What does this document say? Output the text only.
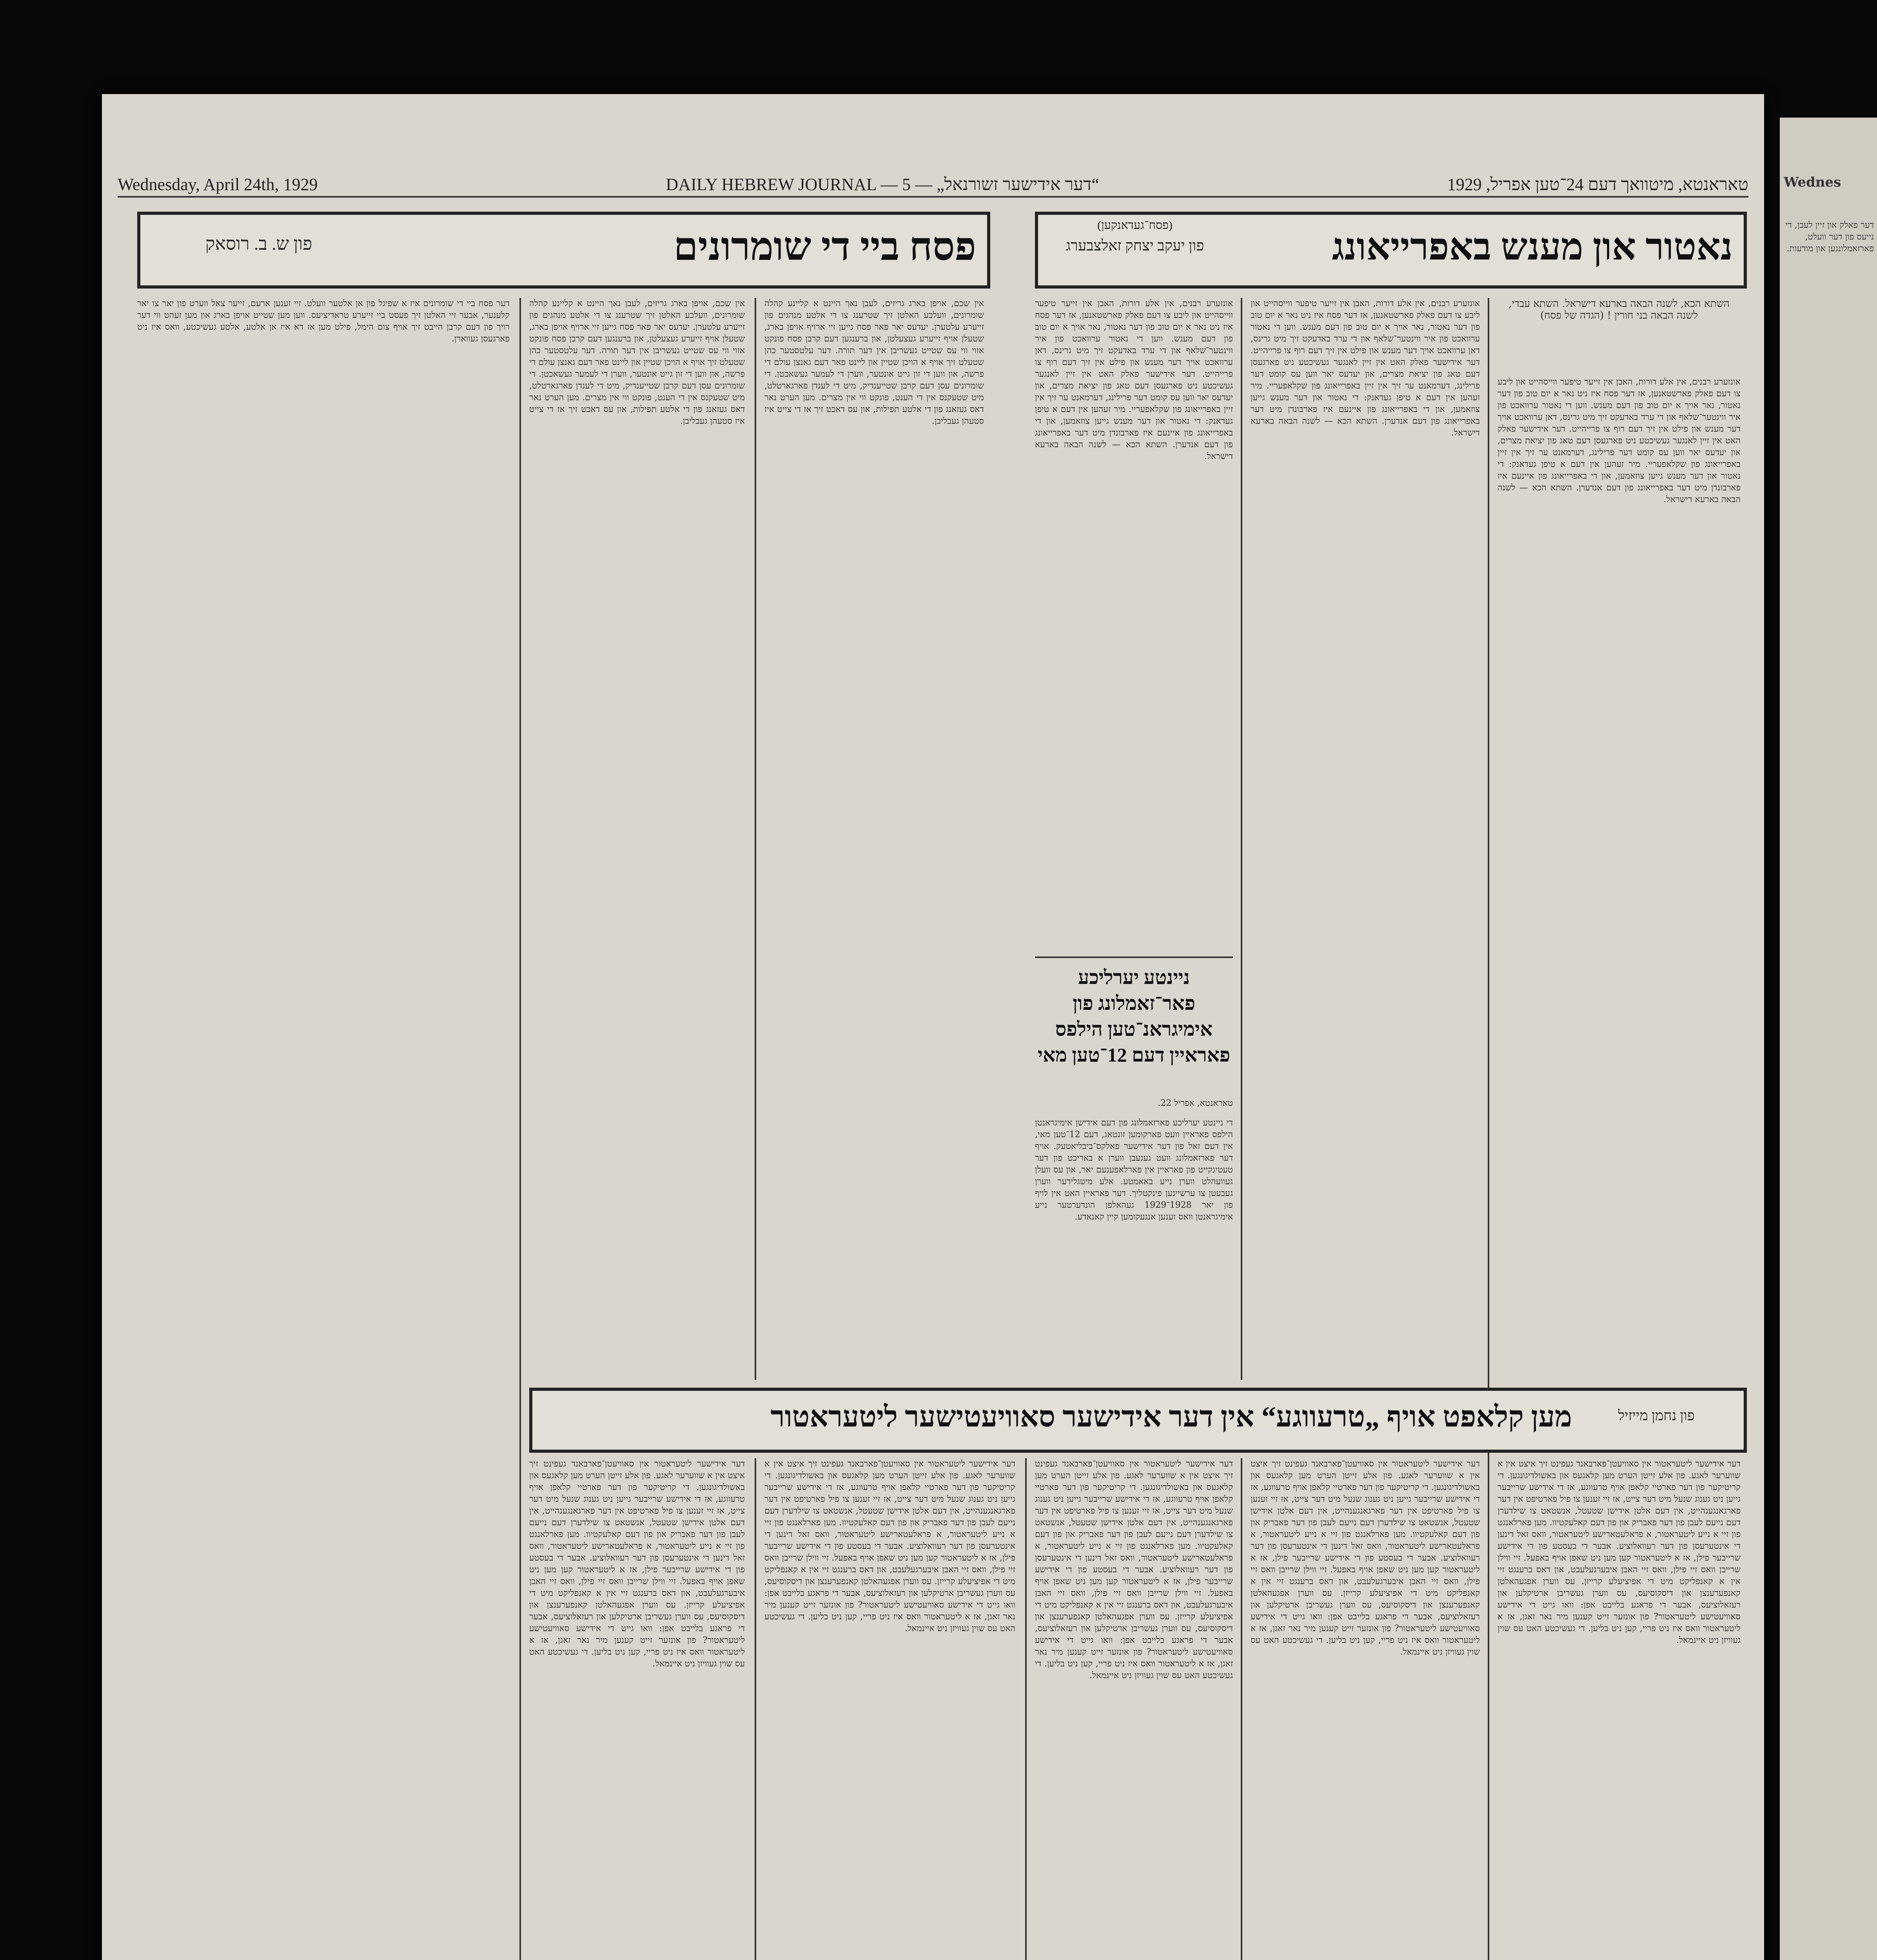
Wednesday, April 24th, 1929	DAILY HEBREW JOURNAL — 5 — „דער אידישער זשורנאל“	טאראנטא, מיטוואך דעם 24־טען אפריל, 1929
נאטור און מענש באפרייאונג
(פסח־געדאנקען)
פון יעקב יצחק זאלצבערג
פסח ביי די שומרונים
פון ש. ב. רוסאק
השתא הכא, לשנה הבאה בארעא דישראל. השתא עבדי, לשנה הבאה בני חורין ! (הגדה של פסח)
אונזערע רבנים, אין אלע דורות, האבן אין זייער טיפער ווייסהייט און ליבע צו דעם פאלק פארשטאנען, אז דער פסח איז ניט נאר א יום טוב פון דער נאטור, נאר אויך א יום טוב פון דעם מענש. ווען די נאטור ערוואכט פון איר ווינטער־שלאף און די ערד באדעקט זיך מיט גרינס, דאן ערוואכט אויך דער מענש און פילט אין זיך דעם רוף צו פרייהייט. דער אידישער פאלק האט אין זיין לאנגער געשיכטע ניט פארגעסן דעם טאג פון יציאת מצרים, און יעדעס יאר ווען עס קומט דער פרילינג, דערמאנט ער זיך אין זיין באפרייאונג פון שקלאפעריי. מיר זעהען אין דעם א טיפן געדאנק: די נאטור און דער מענש גייען צוזאמען, און די באפרייאונג פון איינעם איז פארבונדן מיט דער באפרייאונג פון דעם אנדערן. השתא הכא — לשנה הבאה בארעא דישראל.
אונזערע רבנים, אין אלע דורות, האבן אין זייער טיפער ווייסהייט און ליבע צו דעם פאלק פארשטאנען, אז דער פסח איז ניט נאר א יום טוב פון דער נאטור, נאר אויך א יום טוב פון דעם מענש. ווען די נאטור ערוואכט פון איר ווינטער־שלאף און די ערד באדעקט זיך מיט גרינס, דאן ערוואכט אויך דער מענש און פילט אין זיך דעם רוף צו פרייהייט. דער אידישער פאלק האט אין זיין לאנגער געשיכטע ניט פארגעסן דעם טאג פון יציאת מצרים, און יעדעס יאר ווען עס קומט דער פרילינג, דערמאנט ער זיך אין זיין באפרייאונג פון שקלאפעריי. מיר זעהען אין דעם א טיפן געדאנק: די נאטור און דער מענש גייען צוזאמען, און די באפרייאונג פון איינעם איז פארבונדן מיט דער באפרייאונג פון דעם אנדערן. השתא הכא — לשנה הבאה בארעא דישראל.
אונזערע רבנים, אין אלע דורות, האבן אין זייער טיפער ווייסהייט און ליבע צו דעם פאלק פארשטאנען, אז דער פסח איז ניט נאר א יום טוב פון דער נאטור, נאר אויך א יום טוב פון דעם מענש. ווען די נאטור ערוואכט פון איר ווינטער־שלאף און די ערד באדעקט זיך מיט גרינס, דאן ערוואכט אויך דער מענש און פילט אין זיך דעם רוף צו פרייהייט. דער אידישער פאלק האט אין זיין לאנגער געשיכטע ניט פארגעסן דעם טאג פון יציאת מצרים, און יעדעס יאר ווען עס קומט דער פרילינג, דערמאנט ער זיך אין זיין באפרייאונג פון שקלאפעריי. מיר זעהען אין דעם א טיפן געדאנק: די נאטור און דער מענש גייען צוזאמען, און די באפרייאונג פון איינעם איז פארבונדן מיט דער באפרייאונג פון דעם אנדערן. השתא הכא — לשנה הבאה בארעא דישראל.
ניינטע יערליכע פאר־זאמלונג פון אימיגראנ־טען הילפס פאראיין דעם 12־טען מאי
טאראנטא, אפריל 22.
די ניינטע יערליכע פארזאמלונג פון דעם אידישן אימיגראנטן הילפס פאראיין וועט פארקומען זונטאג, דעם 12־טען מאי, אין דעם זאל פון דער אידישער פאלקס־ביבליאטעק. אויף דער פארזאמלונג וועט געגעבן ווערן א באריכט פון דער טעטיגקייט פון פאראיין אין פארלאפענעם יאר, און עס וועלן געוועהלט ווערן נייע באאמטע. אלע מיטגלידער ווערן געבעטן צו ערשיינען פינקטליך. דער פאראיין האט אין לויף פון יאר 1928־1929 געהאלפן הונדערטער נייע אימיגראנטן וואס זענען אנגעקומען קיין קאנאדע.
אין שכם, אויפן בארג גריזים, לעבן נאך היינט א קליינע קהלה שומרונים, וועלכע האלטן זיך שטרענג צו די אלטע מנהגים פון זייערע עלטערן. יעדעס יאר פאר פסח גייען זיי ארויף אויפן בארג, שטעלן אויף זייערע געצעלטן, און ברענגען דעם קרבן פסח פונקט אזוי ווי עס שטייט געשריבן אין דער תורה. דער עלטסטער כהן שטעלט זיך אויף א הויכן שטיין און ליינט פאר דעם גאנצן עולם די פרשה, און ווען די זון גייט אונטער, ווערן די לעמער געשאכטן. די שומרונים עסן דעם קרבן שטייענדיק, מיט די לענדן פארגארטלט, מיט שטעקנס אין די הענט, פונקט ווי אין מצרים. מען הערט נאר דאס געזאנג פון די אלטע תפילות, און עס דאכט זיך אז די צייט איז סטעהן געבליבן.
אין שכם, אויפן בארג גריזים, לעבן נאך היינט א קליינע קהלה שומרונים, וועלכע האלטן זיך שטרענג צו די אלטע מנהגים פון זייערע עלטערן. יעדעס יאר פאר פסח גייען זיי ארויף אויפן בארג, שטעלן אויף זייערע געצעלטן, און ברענגען דעם קרבן פסח פונקט אזוי ווי עס שטייט געשריבן אין דער תורה. דער עלטסטער כהן שטעלט זיך אויף א הויכן שטיין און ליינט פאר דעם גאנצן עולם די פרשה, און ווען די זון גייט אונטער, ווערן די לעמער געשאכטן. די שומרונים עסן דעם קרבן שטייענדיק, מיט די לענדן פארגארטלט, מיט שטעקנס אין די הענט, פונקט ווי אין מצרים. מען הערט נאר דאס געזאנג פון די אלטע תפילות, און עס דאכט זיך אז די צייט איז סטעהן געבליבן.
דער פסח ביי די שומרונים איז א שפיגל פון אן אלטער וועלט. זיי זענען ארעם, זייער צאל ווערט פון יאר צו יאר קלענער, אבער זיי האלטן זיך פעסט ביי זייערע טראדיציעס. ווען מען שטייט אויפן בארג און מען זעהט ווי דער רויך פון דעם קרבן הייבט זיך אויף צום הימל, פילט מען אז דא איז אן אלטע, אלטע געשיכטע, וואס איז ניט פארגעסן געווארן.
מען קלאפט אויף „טרעווגע“ אין דער אידישער סאוויעטישער ליטעראטור	פון נחמן מייזיל
דער אידישער ליטעראטור אין סאוויעטן־פארבאנד געפינט זיך איצט אין א שווערער לאגע. פון אלע זייטן הערט מען קלאגעס און באשולדיגונגען. די קריטיקער פון דער פארטיי קלאפן אויף טרעווגע, אז די אידישע שרייבער גייען ניט גענוג שנעל מיט דער צייט, אז זיי זענען צו פיל פארטיפט אין דער פארגאנגענהייט, אין דעם אלטן אידישן שטעטל, אנשטאט צו שילדערן דעם נייעם לעבן פון דער פאבריק און פון דעם קאלעקטיוו. מען פארלאנגט פון זיי א נייע ליטעראטור, א פראלעטארישע ליטעראטור, וואס זאל דינען די אינטערעסן פון דער רעוואלוציע. אבער די בעסטע פון די אידישע שרייבער פילן, אז א ליטעראטור קען מען ניט שאפן אויף באפעל. זיי ווילן שרייבן וואס זיי פילן, וואס זיי האבן איבערגעלעבט, און דאס ברענגט זיי אין א קאנפליקט מיט די אפיציעלע קרייזן. עס ווערן אפגעהאלטן קאנפערענצן און דיסקוסיעס, עס ווערן געשריבן ארטיקלען און רעזאלוציעס, אבער די פראגע בלייבט אפן: וואו גייט די אידישע סאוויעטישע ליטעראטור? פון אונזער זייט קענען מיר נאר זאגן, אז א ליטעראטור וואס איז ניט פריי, קען ניט בליען. די געשיכטע האט עס שוין געוויזן ניט איינמאל.
דער אידישער ליטעראטור אין סאוויעטן־פארבאנד געפינט זיך איצט אין א שווערער לאגע. פון אלע זייטן הערט מען קלאגעס און באשולדיגונגען. די קריטיקער פון דער פארטיי קלאפן אויף טרעווגע, אז די אידישע שרייבער גייען ניט גענוג שנעל מיט דער צייט, אז זיי זענען צו פיל פארטיפט אין דער פארגאנגענהייט, אין דעם אלטן אידישן שטעטל, אנשטאט צו שילדערן דעם נייעם לעבן פון דער פאבריק און פון דעם קאלעקטיוו. מען פארלאנגט פון זיי א נייע ליטעראטור, א פראלעטארישע ליטעראטור, וואס זאל דינען די אינטערעסן פון דער רעוואלוציע. אבער די בעסטע פון די אידישע שרייבער פילן, אז א ליטעראטור קען מען ניט שאפן אויף באפעל. זיי ווילן שרייבן וואס זיי פילן, וואס זיי האבן איבערגעלעבט, און דאס ברענגט זיי אין א קאנפליקט מיט די אפיציעלע קרייזן. עס ווערן אפגעהאלטן קאנפערענצן און דיסקוסיעס, עס ווערן געשריבן ארטיקלען און רעזאלוציעס, אבער די פראגע בלייבט אפן: וואו גייט די אידישע סאוויעטישע ליטעראטור? פון אונזער זייט קענען מיר נאר זאגן, אז א ליטעראטור וואס איז ניט פריי, קען ניט בליען. די געשיכטע האט עס שוין געוויזן ניט איינמאל.
דער אידישער ליטעראטור אין סאוויעטן־פארבאנד געפינט זיך איצט אין א שווערער לאגע. פון אלע זייטן הערט מען קלאגעס און באשולדיגונגען. די קריטיקער פון דער פארטיי קלאפן אויף טרעווגע, אז די אידישע שרייבער גייען ניט גענוג שנעל מיט דער צייט, אז זיי זענען צו פיל פארטיפט אין דער פארגאנגענהייט, אין דעם אלטן אידישן שטעטל, אנשטאט צו שילדערן דעם נייעם לעבן פון דער פאבריק און פון דעם קאלעקטיוו. מען פארלאנגט פון זיי א נייע ליטעראטור, א פראלעטארישע ליטעראטור, וואס זאל דינען די אינטערעסן פון דער רעוואלוציע. אבער די בעסטע פון די אידישע שרייבער פילן, אז א ליטעראטור קען מען ניט שאפן אויף באפעל. זיי ווילן שרייבן וואס זיי פילן, וואס זיי האבן איבערגעלעבט, און דאס ברענגט זיי אין א קאנפליקט מיט די אפיציעלע קרייזן. עס ווערן אפגעהאלטן קאנפערענצן און דיסקוסיעס, עס ווערן געשריבן ארטיקלען און רעזאלוציעס, אבער די פראגע בלייבט אפן: וואו גייט די אידישע סאוויעטישע ליטעראטור? פון אונזער זייט קענען מיר נאר זאגן, אז א ליטעראטור וואס איז ניט פריי, קען ניט בליען. די געשיכטע האט עס שוין געוויזן ניט איינמאל.
דער אידישער ליטעראטור אין סאוויעטן־פארבאנד געפינט זיך איצט אין א שווערער לאגע. פון אלע זייטן הערט מען קלאגעס און באשולדיגונגען. די קריטיקער פון דער פארטיי קלאפן אויף טרעווגע, אז די אידישע שרייבער גייען ניט גענוג שנעל מיט דער צייט, אז זיי זענען צו פיל פארטיפט אין דער פארגאנגענהייט, אין דעם אלטן אידישן שטעטל, אנשטאט צו שילדערן דעם נייעם לעבן פון דער פאבריק און פון דעם קאלעקטיוו. מען פארלאנגט פון זיי א נייע ליטעראטור, א פראלעטארישע ליטעראטור, וואס זאל דינען די אינטערעסן פון דער רעוואלוציע. אבער די בעסטע פון די אידישע שרייבער פילן, אז א ליטעראטור קען מען ניט שאפן אויף באפעל. זיי ווילן שרייבן וואס זיי פילן, וואס זיי האבן איבערגעלעבט, און דאס ברענגט זיי אין א קאנפליקט מיט די אפיציעלע קרייזן. עס ווערן אפגעהאלטן קאנפערענצן און דיסקוסיעס, עס ווערן געשריבן ארטיקלען און רעזאלוציעס, אבער די פראגע בלייבט אפן: וואו גייט די אידישע סאוויעטישע ליטעראטור? פון אונזער זייט קענען מיר נאר זאגן, אז א ליטעראטור וואס איז ניט פריי, קען ניט בליען. די געשיכטע האט עס שוין געוויזן ניט איינמאל.
דער אידישער ליטעראטור אין סאוויעטן־פארבאנד געפינט זיך איצט אין א שווערער לאגע. פון אלע זייטן הערט מען קלאגעס און באשולדיגונגען. די קריטיקער פון דער פארטיי קלאפן אויף טרעווגע, אז די אידישע שרייבער גייען ניט גענוג שנעל מיט דער צייט, אז זיי זענען צו פיל פארטיפט אין דער פארגאנגענהייט, אין דעם אלטן אידישן שטעטל, אנשטאט צו שילדערן דעם נייעם לעבן פון דער פאבריק און פון דעם קאלעקטיוו. מען פארלאנגט פון זיי א נייע ליטעראטור, א פראלעטארישע ליטעראטור, וואס זאל דינען די אינטערעסן פון דער רעוואלוציע. אבער די בעסטע פון די אידישע שרייבער פילן, אז א ליטעראטור קען מען ניט שאפן אויף באפעל. זיי ווילן שרייבן וואס זיי פילן, וואס זיי האבן איבערגעלעבט, און דאס ברענגט זיי אין א קאנפליקט מיט די אפיציעלע קרייזן. עס ווערן אפגעהאלטן קאנפערענצן און דיסקוסיעס, עס ווערן געשריבן ארטיקלען און רעזאלוציעס, אבער די פראגע בלייבט אפן: וואו גייט די אידישע סאוויעטישע ליטעראטור? פון אונזער זייט קענען מיר נאר זאגן, אז א ליטעראטור וואס איז ניט פריי, קען ניט בליען. די געשיכטע האט עס שוין געוויזן ניט איינמאל.
Wednes
דער פאלק און זיין לעבן, די נייעס פון דער וועלט, פארזאמלונגען און מודעות.
